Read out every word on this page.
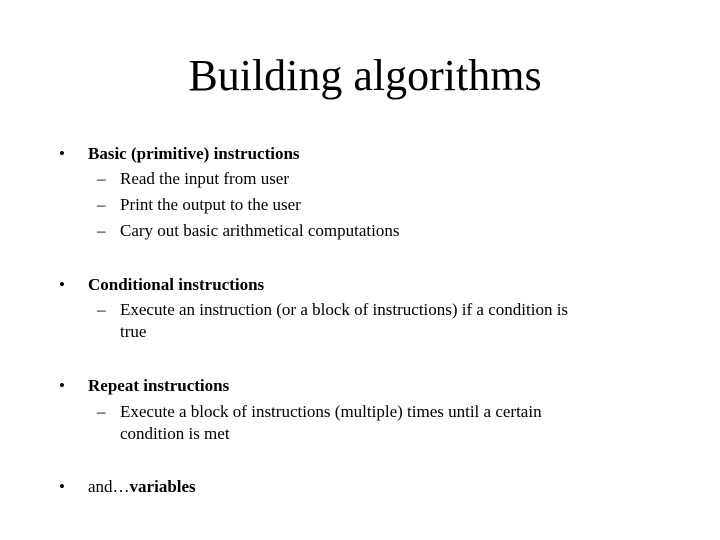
Building algorithms
• Basic (primitive) instructions
– Read the input from user
– Print the output to the user
– Cary out basic arithmetical computations
• Conditional instructions
– Execute an instruction (or a block of instructions) if a condition is
true
• Repeat instructions
– Execute a block of instructions (multiple) times until a certain
condition is met
• and…variables
